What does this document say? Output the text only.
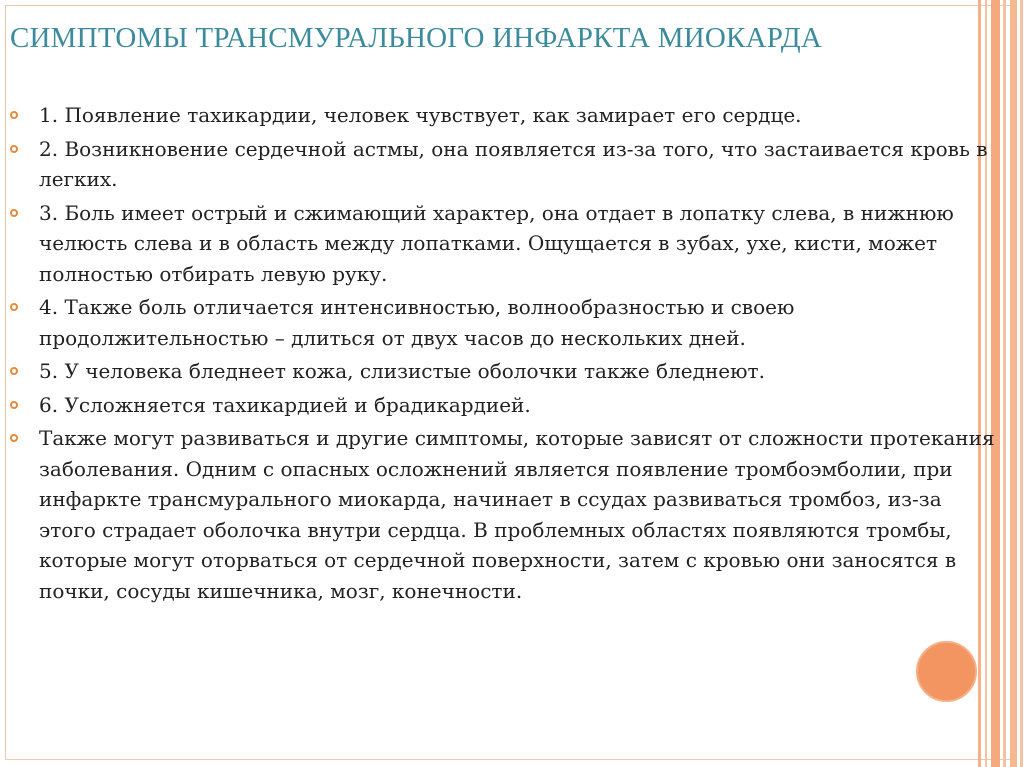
СИМПТОМЫ ТРАНСМУРАЛЬНОГО ИНФАРКТА МИОКАРДА
1. Появление тахикардии, человек чувствует, как замирает его сердце.
2. Возникновение сердечной астмы, она появляется из-за того, что застаивается кровь в легких.
3. Боль имеет острый и сжимающий характер, она отдает в лопатку слева, в нижнюю челюсть слева и в область между лопатками. Ощущается в зубах, ухе, кисти, может полностью отбирать левую руку.
4. Также боль отличается интенсивностью, волнообразностью и своею продолжительностью – длиться от двух часов до нескольких дней.
5. У человека бледнеет кожа, слизистые оболочки также бледнеют.
6. Усложняется тахикардией и брадикардией.
Также могут развиваться и другие симптомы, которые зависят от сложности протекания заболевания. Одним с опасных осложнений является появление тромбоэмболии, при инфаркте трансмурального миокарда, начинает в ссудах развиваться тромбоз, из-за этого страдает оболочка внутри сердца. В проблемных областях появляются тромбы, которые могут оторваться от сердечной поверхности, затем с кровью они заносятся в почки, сосуды кишечника, мозг, конечности.
